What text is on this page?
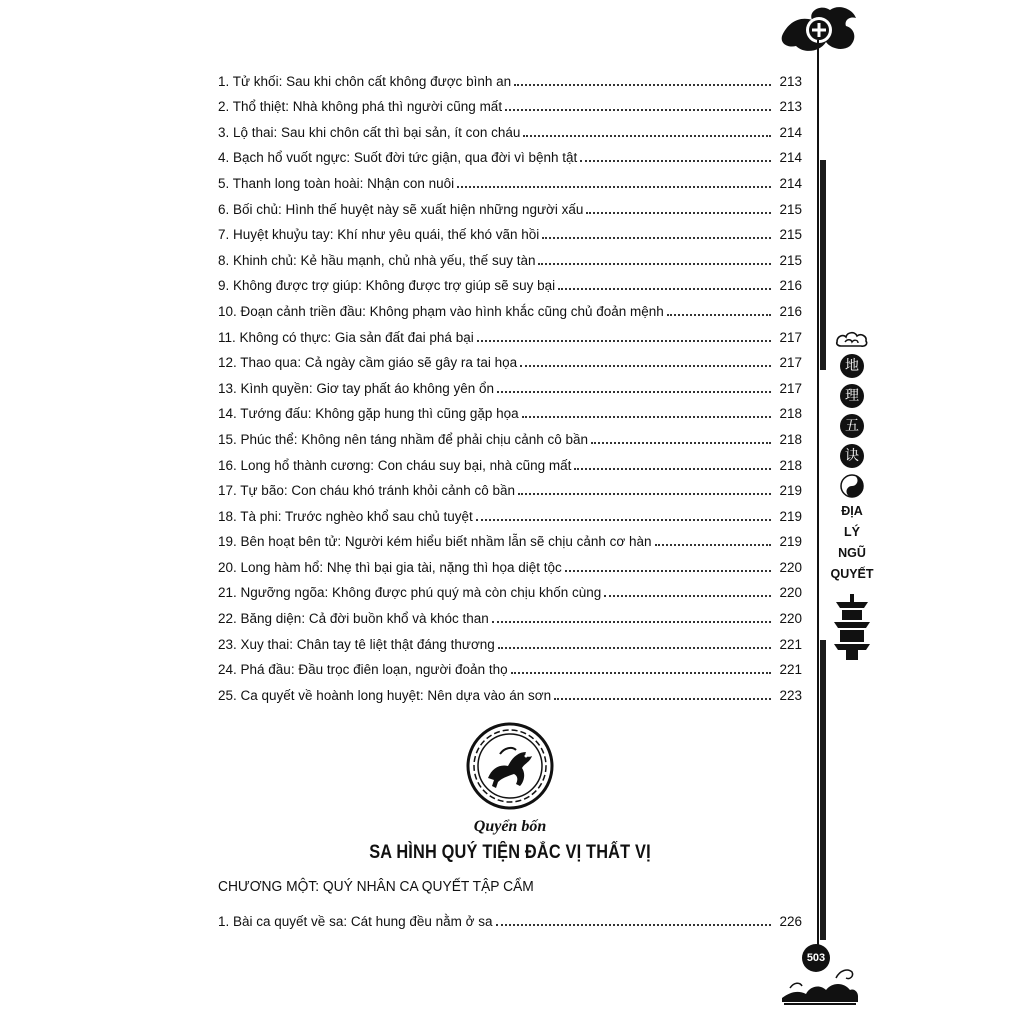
1. Tử khối: Sau khi chôn cất không được bình an	213
2. Thổ thiệt: Nhà không phá thì người cũng mất	213
3. Lộ thai: Sau khi chôn cất thì bại sản, ít con cháu	214
4. Bạch hổ vuốt ngực: Suốt đời tức giận, qua đời vì bệnh tật	214
5. Thanh long toàn hoài: Nhận con nuôi	214
6. Bối chủ: Hình thế huyệt này sẽ xuất hiện những người xấu	215
7. Huyệt khuỷu tay: Khí như yêu quái, thế khó vãn hồi	215
8. Khinh chủ: Kẻ hầu mạnh, chủ nhà yếu, thế suy tàn	215
9. Không được trợ giúp: Không được trợ giúp sẽ suy bại	216
10. Đoạn cảnh triền đầu: Không phạm vào hình khắc cũng chủ đoản mệnh	216
11. Không có thực: Gia sản đất đai phá bại	217
12. Thao qua: Cả ngày cầm giáo sẽ gây ra tai họa	217
13. Kình quyền: Giơ tay phất áo không yên ổn	217
14. Tướng đấu: Không gặp hung thì cũng gặp họa	218
15. Phúc thể: Không nên táng nhầm để phải chịu cảnh cô bần	218
16. Long hổ thành cương: Con cháu suy bại, nhà cũng mất	218
17. Tự bão: Con cháu khó tránh khỏi cảnh cô bần	219
18. Tà phi: Trước nghèo khổ sau chủ tuyệt	219
19. Bên hoạt bên tử: Người kém hiểu biết nhầm lẫn sẽ chịu cảnh cơ hàn	219
20. Long hàm hổ: Nhẹ thì bại gia tài, nặng thì họa diệt tộc	220
21. Ngưỡng ngõa: Không được phú quý mà còn chịu khốn cùng	220
22. Băng diện: Cả đời buồn khổ và khóc than	220
23. Xuy thai: Chân tay tê liệt thật đáng thương	221
24. Phá đầu: Đầu trọc điên loạn, người đoản thọ	221
25. Ca quyết về hoành long huyệt: Nên dựa vào án sơn	223
地
理
五
诀
ĐỊA
LÝ
NGŨ
QUYẾT
Quyển bốn
SA HÌNH QUÝ TIỆN ĐẮC VỊ THẤT VỊ
CHƯƠNG MỘT: QUÝ NHÂN CA QUYẾT TẬP CẨM
1. Bài ca quyết về sa: Cát hung đều nằm ở sa	226
503
